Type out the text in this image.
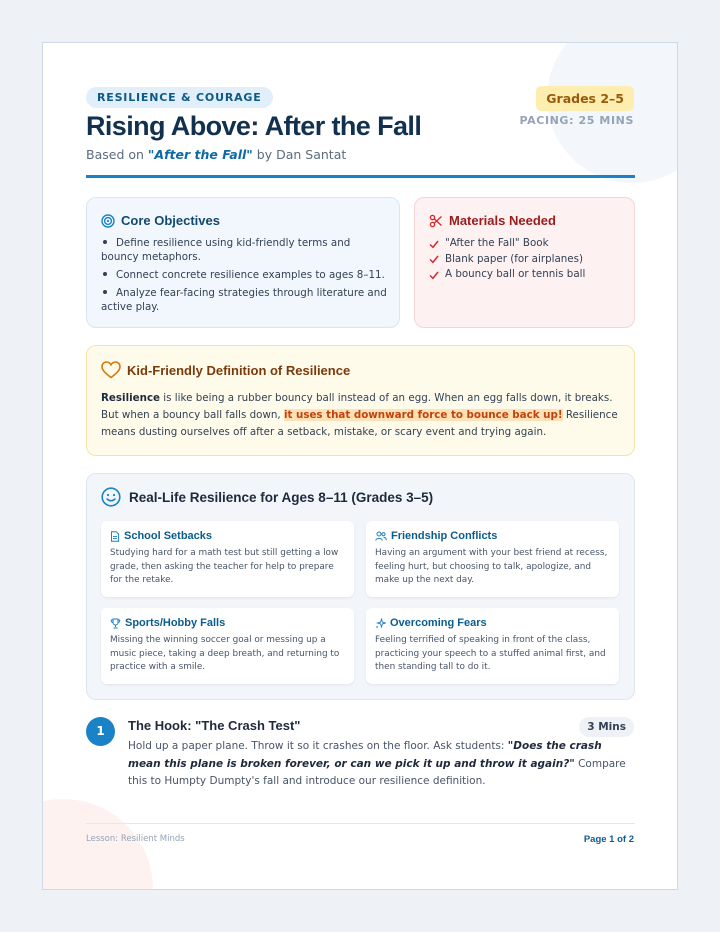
RESILIENCE & COURAGE	Grades 2–5
PACING: 25 MINS
Rising Above: After the Fall
Based on "After the Fall" by Dan Santat
Core Objectives
Define resilience using kid-friendly terms and bouncy metaphors.
Connect concrete resilience examples to ages 8–11.
Analyze fear-facing strategies through literature and active play.
Materials Needed
"After the Fall" Book
Blank paper (for airplanes)
A bouncy ball or tennis ball
Kid-Friendly Definition of Resilience
Resilience is like being a rubber bouncy ball instead of an egg. When an egg falls down, it breaks. But when a bouncy ball falls down, it uses that downward force to bounce back up! Resilience means dusting ourselves off after a setback, mistake, or scary event and trying again.
Real-Life Resilience for Ages 8–11 (Grades 3–5)
School Setbacks
Studying hard for a math test but still getting a low grade, then asking the teacher for help to prepare for the retake.
Friendship Conflicts
Having an argument with your best friend at recess, feeling hurt, but choosing to talk, apologize, and make up the next day.
Sports/Hobby Falls
Missing the winning soccer goal or messing up a music piece, taking a deep breath, and returning to practice with a smile.
Overcoming Fears
Feeling terrified of speaking in front of the class, practicing your speech to a stuffed animal first, and then standing tall to do it.
1	The Hook: "The Crash Test"	3 Mins
Hold up a paper plane. Throw it so it crashes on the floor. Ask students: "Does the crash mean this plane is broken forever, or can we pick it up and throw it again?" Compare this to Humpty Dumpty's fall and introduce our resilience definition.
Lesson: Resilient Minds	Page 1 of 2
